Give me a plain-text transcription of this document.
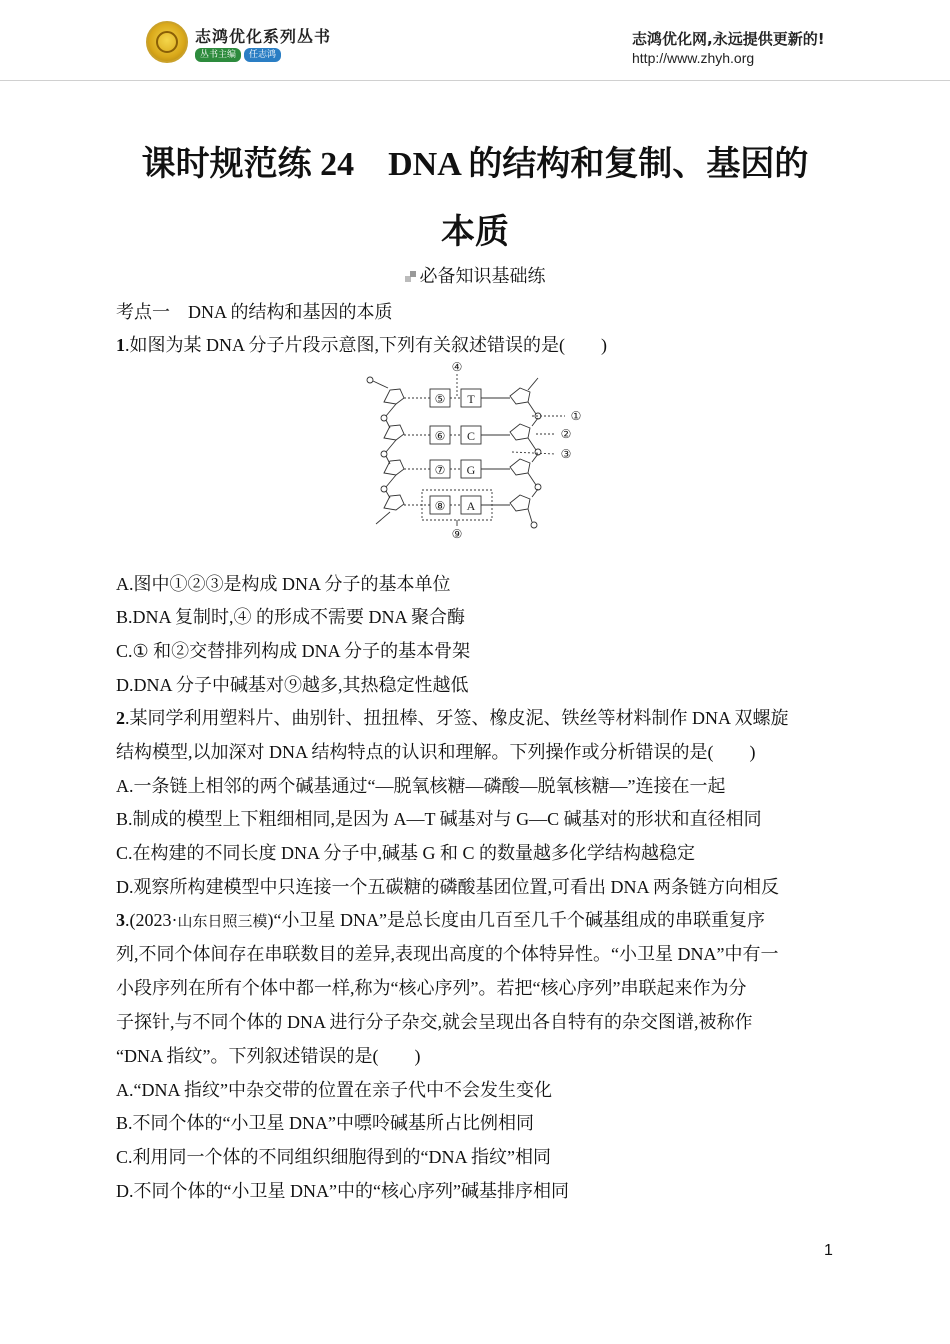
志鸿优化系列丛书
丛书主编	任志鸿
志鸿优化网,永远提供更新的!
http://www.zhyh.org
课时规范练 24　DNA 的结构和复制、基因的
本质
必备知识基础练
考点一　DNA 的结构和基因的本质
1.如图为某 DNA 分子片段示意图,下列有关叙述错误的是(　　)
④
⑤ T
⑥ C
⑦ G
⑧ A
⑨
①
②
③
A.图中①②③是构成 DNA 分子的基本单位
B.DNA 复制时,④ 的形成不需要 DNA 聚合酶
C.① 和②交替排列构成 DNA 分子的基本骨架
D.DNA 分子中碱基对⑨越多,其热稳定性越低
2.某同学利用塑料片、曲别针、扭扭棒、牙签、橡皮泥、铁丝等材料制作 DNA 双螺旋
结构模型,以加深对 DNA 结构特点的认识和理解。下列操作或分析错误的是(　　)
A.一条链上相邻的两个碱基通过“—脱氧核糖—磷酸—脱氧核糖—”连接在一起
B.制成的模型上下粗细相同,是因为 A—T 碱基对与 G—C 碱基对的形状和直径相同
C.在构建的不同长度 DNA 分子中,碱基 G 和 C 的数量越多化学结构越稳定
D.观察所构建模型中只连接一个五碳糖的磷酸基团位置,可看出 DNA 两条链方向相反
3.(2023·山东日照三模)“小卫星 DNA”是总长度由几百至几千个碱基组成的串联重复序
列,不同个体间存在串联数目的差异,表现出高度的个体特异性。“小卫星 DNA”中有一
小段序列在所有个体中都一样,称为“核心序列”。若把“核心序列”串联起来作为分
子探针,与不同个体的 DNA 进行分子杂交,就会呈现出各自特有的杂交图谱,被称作
“DNA 指纹”。下列叙述错误的是(　　)
A.“DNA 指纹”中杂交带的位置在亲子代中不会发生变化
B.不同个体的“小卫星 DNA”中嘌呤碱基所占比例相同
C.利用同一个体的不同组织细胞得到的“DNA 指纹”相同
D.不同个体的“小卫星 DNA”中的“核心序列”碱基排序相同
1
